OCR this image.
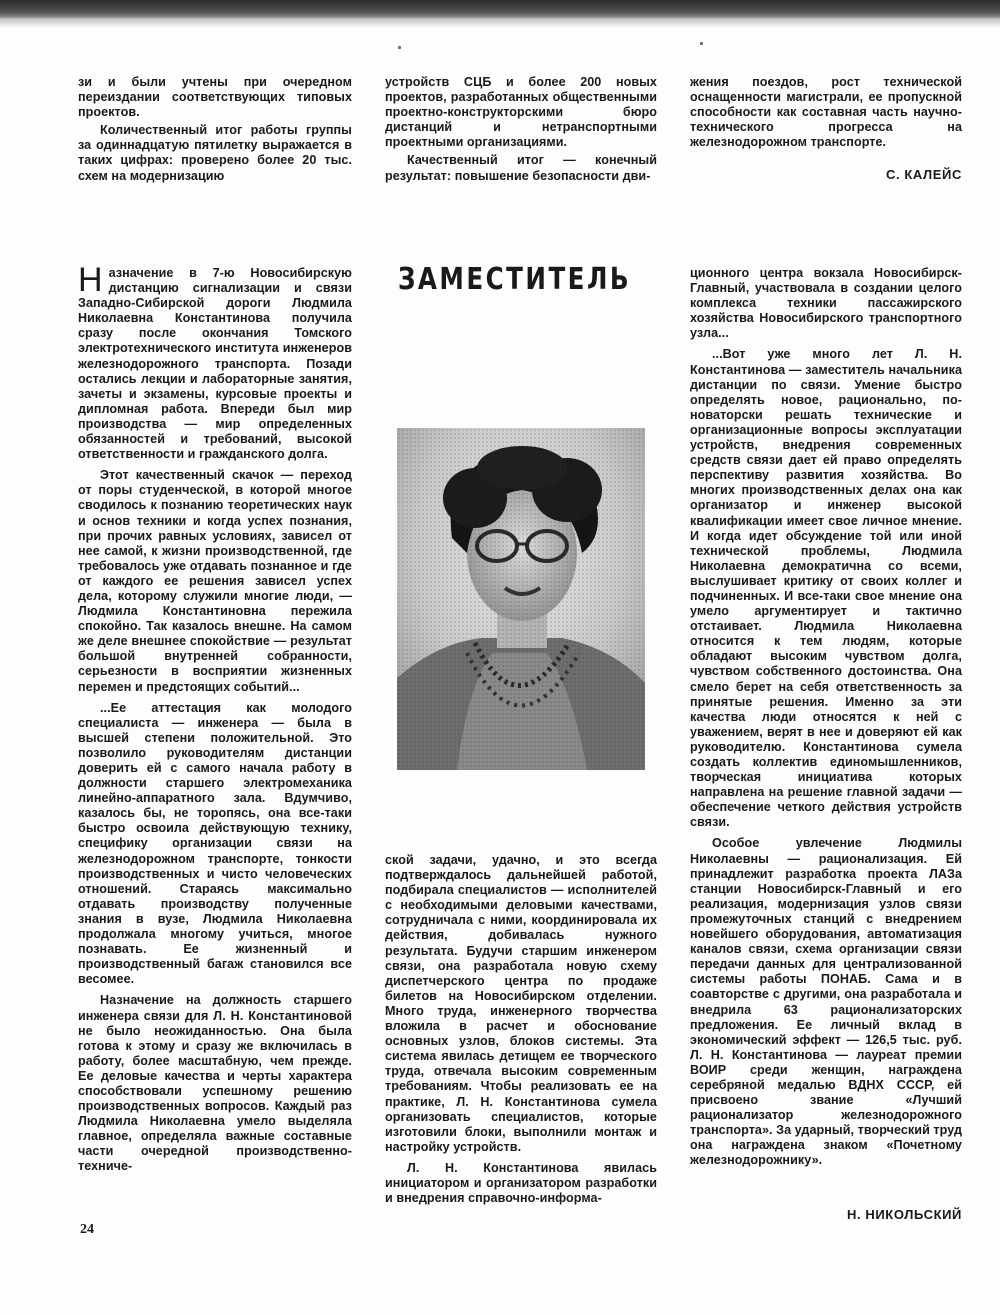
зи и были учтены при очередном переиздании соответствующих типовых проектов.

Количественный итог работы группы за одиннадцатую пятилетку выражается в таких цифрах: проверено более 20 тыс. схем на модернизацию

устройств СЦБ и более 200 новых проектов, разработанных общественными проектно-конструкторскими бюро дистанций и нетранспортными проектными организациями.

Качественный итог — конечный результат: повышение безопасности дви-

жения поездов, рост технической оснащенности магистрали, ее пропускной способности как составная часть научно-технического прогресса на железнодорожном транспорте.

С. КАЛЕЙС
ЗАМЕСТИТЕЛЬ

Назначение в 7-ю Новосибирскую дистанцию сигнализации и связи Западно-Сибирской дороги Людмила Николаевна Константинова получила сразу после окончания Томского электротехнического института инженеров железнодорожного транспорта. Позади остались лекции и лабораторные занятия, зачеты и экзамены, курсовые проекты и дипломная работа. Впереди был мир производства — мир определенных обязанностей и требований, высокой ответственности и гражданского долга.

Этот качественный скачок — переход от поры студенческой, в которой многое сводилось к познанию теоретических наук и основ техники и когда успех познания, при прочих равных условиях, зависел от нее самой, к жизни производственной, где требовалось уже отдавать познанное и где от каждого ее решения зависел успех дела, которому служили многие люди, — Людмила Константиновна пережила спокойно. Так казалось внешне. На самом же деле внешнее спокойствие — результат большой внутренней собранности, серьезности в восприятии жизненных перемен и предстоящих событий...

...Ее аттестация как молодого специалиста — инженера — была в высшей степени положительной. Это позволило руководителям дистанции доверить ей с самого начала работу в должности старшего электромеханика линейно-аппаратного зала. Вдумчиво, казалось бы, не торопясь, она все-таки быстро освоила действующую технику, специфику организации связи на железнодорожном транспорте, тонкости производственных и чисто человеческих отношений. Стараясь максимально отдавать производству полученные знания в вузе, Людмила Николаевна продолжала многому учиться, многое познавать. Ее жизненный и производственный багаж становился все весомее.

Назначение на должность старшего инженера связи для Л. Н. Константиновой не было неожиданностью. Она была готова к этому и сразу же включилась в работу, более масштабную, чем прежде. Ее деловые качества и черты характера способствовали успешному решению производственных вопросов. Каждый раз Людмила Николаевна умело выделяла главное, определяла важные составные части очередной производственно-техниче-

ской задачи, удачно, и это всегда подтверждалось дальнейшей работой, подбирала специалистов — исполнителей с необходимыми деловыми качествами, сотрудничала с ними, координировала их действия, добивалась нужного результата. Будучи старшим инженером связи, она разработала новую схему диспетчерского центра по продаже билетов на Новосибирском отделении. Много труда, инженерного творчества вложила в расчет и обоснование основных узлов, блоков системы. Эта система явилась детищем ее творческого труда, отвечала высоким современным требованиям. Чтобы реализовать ее на практике, Л. Н. Константинова сумела организовать специалистов, которые изготовили блоки, выполнили монтаж и настройку устройств.

Л. Н. Константинова явилась инициатором и организатором разработки и внедрения справочно-информа-

ционного центра вокзала Новосибирск-Главный, участвовала в создании целого комплекса техники пассажирского хозяйства Новосибирского транспортного узла...

...Вот уже много лет Л. Н. Константинова — заместитель начальника дистанции по связи. Умение быстро определять новое, рационально, по-новаторски решать технические и организационные вопросы эксплуатации устройств, внедрения современных средств связи дает ей право определять перспективу развития хозяйства. Во многих производственных делах она как организатор и инженер высокой квалификации имеет свое личное мнение. И когда идет обсуждение той или иной технической проблемы, Людмила Николаевна демократична со всеми, выслушивает критику от своих коллег и подчиненных. И все-таки свое мнение она умело аргументирует и тактично отстаивает. Людмила Николаевна относится к тем людям, которые обладают высоким чувством долга, чувством собственного достоинства. Она смело берет на себя ответственность за принятые решения. Именно за эти качества люди относятся к ней с уважением, верят в нее и доверяют ей как руководителю. Константинова сумела создать коллектив единомышленников, творческая инициатива которых направлена на решение главной задачи — обеспечение четкого действия устройств связи.

Особое увлечение Людмилы Николаевны — рационализация. Ей принадлежит разработка проекта ЛАЗа станции Новосибирск-Главный и его реализация, модернизация узлов связи промежуточных станций с внедрением новейшего оборудования, автоматизация каналов связи, схема организации связи передачи данных для централизованной системы работы ПОНАБ. Сама и в соавторстве с другими, она разработала и внедрила 63 рационализаторских предложения. Ее личный вклад в экономический эффект — 126,5 тыс. руб. Л. Н. Константинова — лауреат премии ВОИР среди женщин, награждена серебряной медалью ВДНХ СССР, ей присвоено звание «Лучший рационализатор железнодорожного транспорта». За ударный, творческий труд она награждена знаком «Почетному железнодорожнику».

Н. НИКОЛЬСКИЙ
24
